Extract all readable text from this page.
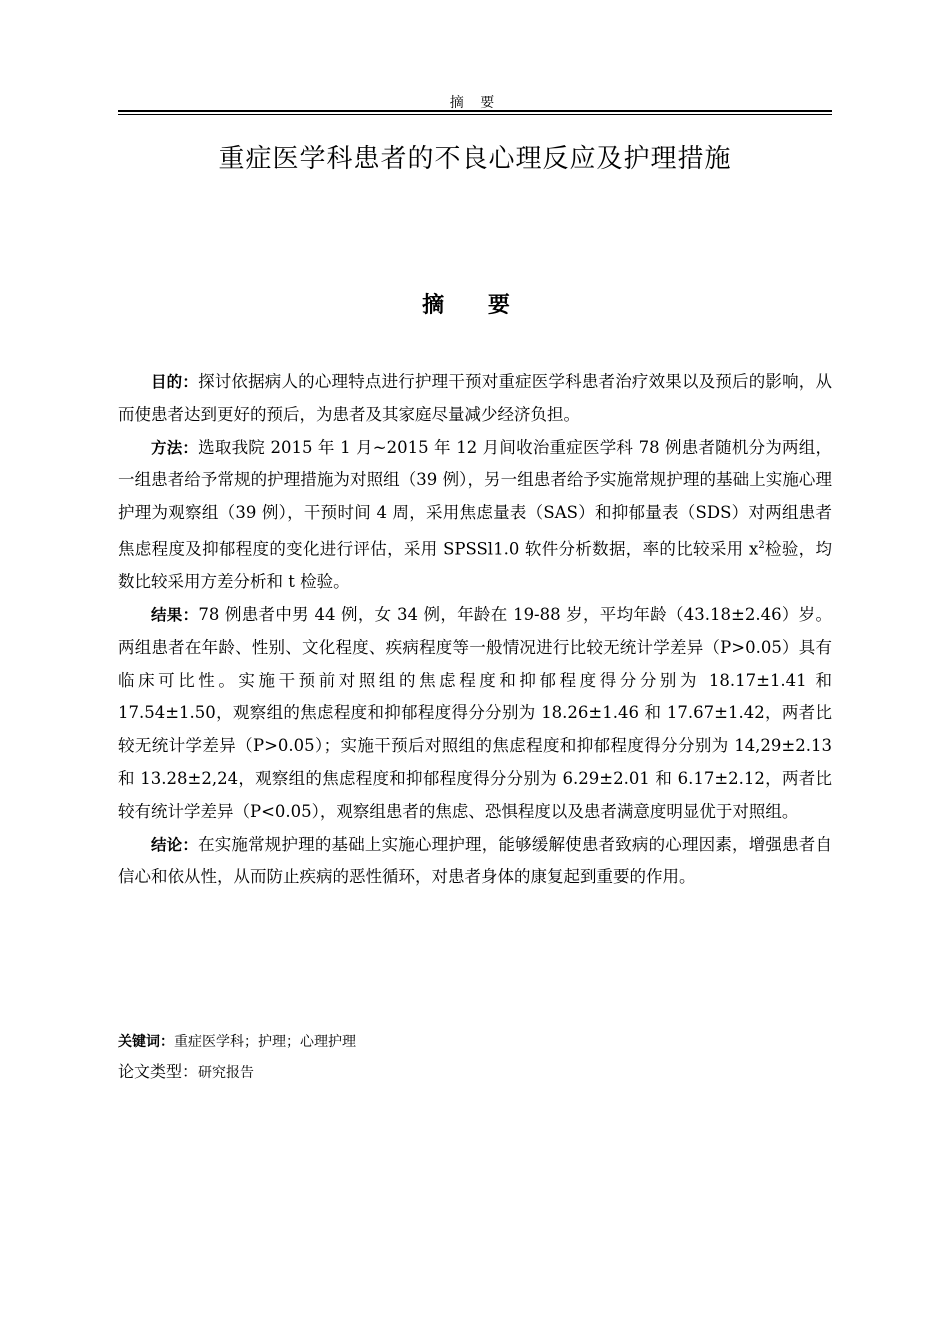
摘 要
重症医学科患者的不良心理反应及护理措施
摘 要

目的：探讨依据病人的心理特点进行护理干预对重症医学科患者治疗效果以及预后的影响，从而使患者达到更好的预后，为患者及其家庭尽量减少经济负担。

方法：选取我院 2015 年 1 月~2015 年 12 月间收治重症医学科 78 例患者随机分为两组，一组患者给予常规的护理措施为对照组（39 例），另一组患者给予实施常规护理的基础上实施心理护理为观察组（39 例），干预时间 4 周，采用焦虑量表（SAS）和抑郁量表（SDS）对两组患者焦虑程度及抑郁程度的变化进行评估，采用 SPSSl1.0 软件分析数据，率的比较采用 $x^2$检验，均数比较采用方差分析和 t 检验。

结果：78 例患者中男 44 例，女 34 例，年龄在 19-88 岁，平均年龄（43.18±2.46）岁。两组患者在年龄、性别、文化程度、疾病程度等一般情况进行比较无统计学差异（P>0.05）具有临床可比性。实施干预前对照组的焦虑程度和抑郁程度得分分别为 18.17±1.41 和 17.54±1.50，观察组的焦虑程度和抑郁程度得分分别为 18.26±1.46 和 17.67±1.42，两者比较无统计学差异（P>0.05）；实施干预后对照组的焦虑程度和抑郁程度得分分别为 14,29±2.13 和 13.28±2,24，观察组的焦虑程度和抑郁程度得分分别为 6.29±2.01 和 6.17±2.12，两者比较有统计学差异（P<0.05），观察组患者的焦虑、恐惧程度以及患者满意度明显优于对照组。

结论：在实施常规护理的基础上实施心理护理，能够缓解使患者致病的心理因素，增强患者自信心和依从性，从而防止疾病的恶性循环，对患者身体的康复起到重要的作用。

关键词：重症医学科；护理；心理护理
论文类型：研究报告
